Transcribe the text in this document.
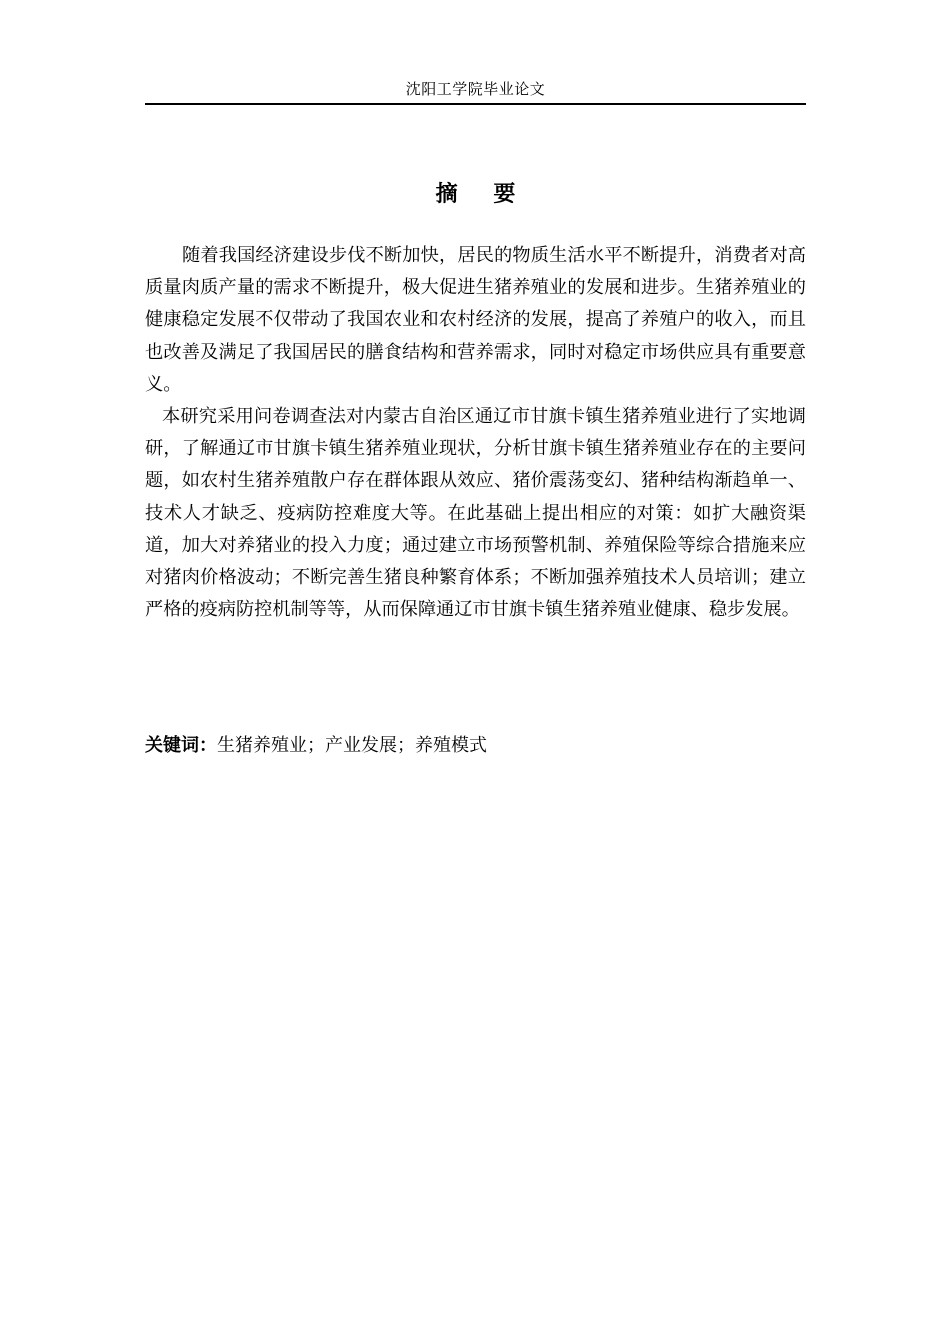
沈阳工学院毕业论文
摘 要

随着我国经济建设步伐不断加快，居民的物质生活水平不断提升，消费者对高质量肉质产量的需求不断提升，极大促进生猪养殖业的发展和进步。生猪养殖业的健康稳定发展不仅带动了我国农业和农村经济的发展，提高了养殖户的收入，而且也改善及满足了我国居民的膳食结构和营养需求，同时对稳定市场供应具有重要意义。

本研究采用问卷调查法对内蒙古自治区通辽市甘旗卡镇生猪养殖业进行了实地调研，了解通辽市甘旗卡镇生猪养殖业现状，分析甘旗卡镇生猪养殖业存在的主要问题，如农村生猪养殖散户存在群体跟从效应、猪价震荡变幻、猪种结构渐趋单一、技术人才缺乏、疫病防控难度大等。在此基础上提出相应的对策：如扩大融资渠道，加大对养猪业的投入力度；通过建立市场预警机制、养殖保险等综合措施来应对猪肉价格波动；不断完善生猪良种繁育体系；不断加强养殖技术人员培训；建立严格的疫病防控机制等等，从而保障通辽市甘旗卡镇生猪养殖业健康、稳步发展。

关键词：生猪养殖业；产业发展；养殖模式
